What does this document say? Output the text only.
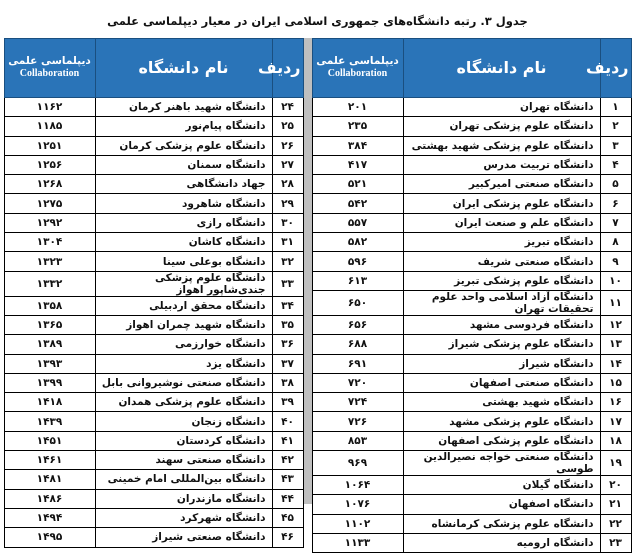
جدول ۳. رتبه دانشگاه‌های جمهوری اسلامی ایران در معیار دیپلماسی علمی
ردیف	نام دانشگاه	دیپلماسی علمی
Collaboration

۱	دانشگاه تهران	۲۰۱
۲	دانشگاه علوم پزشکی تهران	۲۳۵
۳	دانشگاه علوم پزشکی شهید بهشتی	۳۸۴
۴	دانشگاه تربیت مدرس	۴۱۷
۵	دانشگاه صنعتی امیرکبیر	۵۲۱
۶	دانشگاه علوم پزشکی ایران	۵۴۲
۷	دانشگاه علم و صنعت ایران	۵۵۷
۸	دانشگاه تبریز	۵۸۲
۹	دانشگاه صنعتی شریف	۵۹۶
۱۰	دانشگاه علوم پزشکی تبریز	۶۱۳
۱۱	دانشگاه آزاد اسلامی واحد علوم تحقیقات تهران	۶۵۰
۱۲	دانشگاه فردوسی مشهد	۶۵۶
۱۳	دانشگاه علوم پزشکی شیراز	۶۸۸
۱۴	دانشگاه شیراز	۶۹۱
۱۵	دانشگاه صنعتی اصفهان	۷۲۰
۱۶	دانشگاه شهید بهشتی	۷۲۴
۱۷	دانشگاه علوم پزشکی مشهد	۷۲۶
۱۸	دانشگاه علوم پزشکی اصفهان	۸۵۳
۱۹	دانشگاه صنعتی خواجه نصیرالدین طوسی	۹۶۹
۲۰	دانشگاه گیلان	۱۰۶۴
۲۱	دانشگاه اصفهان	۱۰۷۶
۲۲	دانشگاه علوم پزشکی کرمانشاه	۱۱۰۲
۲۳	دانشگاه ارومیه	۱۱۳۳
ردیف	نام دانشگاه	دیپلماسی علمی
Collaboration

۲۴	دانشگاه شهید باهنر کرمان	۱۱۶۲
۲۵	دانشگاه پیام‌نور	۱۱۸۵
۲۶	دانشگاه علوم پزشکی کرمان	۱۲۵۱
۲۷	دانشگاه سمنان	۱۲۵۶
۲۸	جهاد دانشگاهی	۱۲۶۸
۲۹	دانشگاه شاهرود	۱۲۷۵
۳۰	دانشگاه رازی	۱۲۹۲
۳۱	دانشگاه کاشان	۱۳۰۴
۳۲	دانشگاه بوعلی سینا	۱۳۲۳
۳۳	دانشگاه علوم پزشکی جندی‌شاپور اهواز	۱۳۳۲
۳۴	دانشگاه محقق اردبیلی	۱۳۵۸
۳۵	دانشگاه شهید چمران اهواز	۱۳۶۵
۳۶	دانشگاه خوارزمی	۱۳۸۹
۳۷	دانشگاه یزد	۱۳۹۳
۳۸	دانشگاه صنعتی نوشیروانی بابل	۱۳۹۹
۳۹	دانشگاه علوم پزشکی همدان	۱۴۱۸
۴۰	دانشگاه زنجان	۱۴۳۹
۴۱	دانشگاه کردستان	۱۴۵۱
۴۲	دانشگاه صنعتی سهند	۱۴۶۱
۴۳	دانشگاه بین‌المللی امام خمینی	۱۴۸۱
۴۴	دانشگاه مازندران	۱۴۸۶
۴۵	دانشگاه شهرکرد	۱۴۹۴
۴۶	دانشگاه صنعتی شیراز	۱۴۹۵
